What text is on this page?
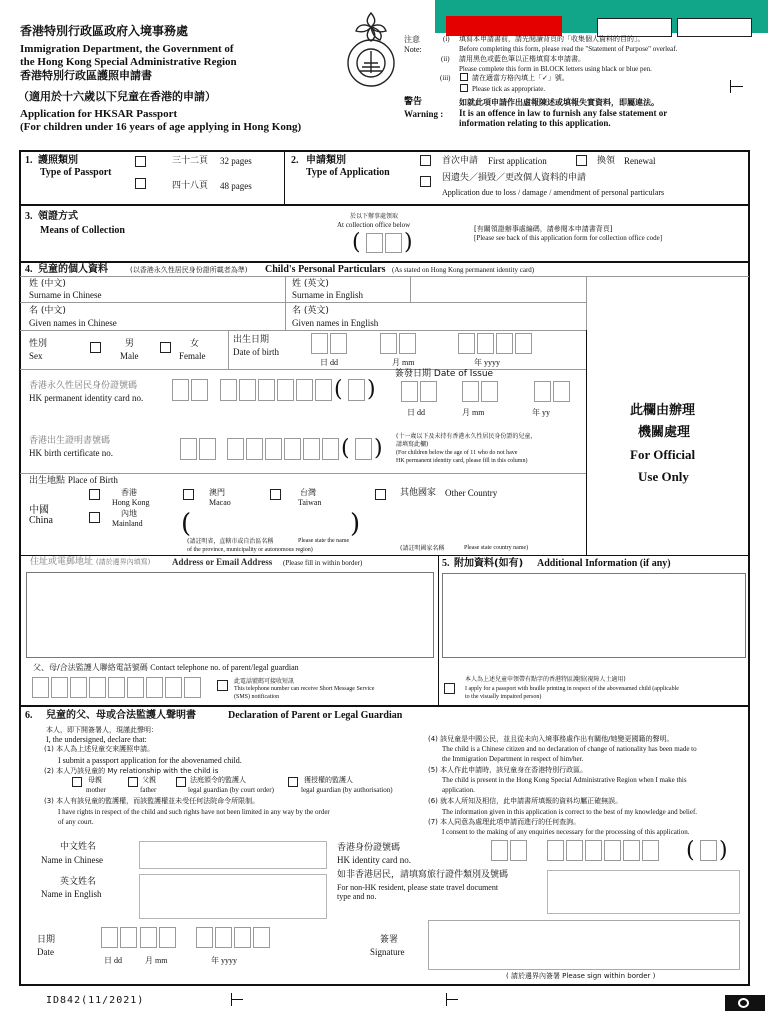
香港特別行政區政府入境事務處
Immigration Department, the Government of
the Hong Kong Special Administrative Region
香港特別行政區護照申請書
（適用於十六歲以下兒童在香港的申請）
Application for HKSAR Passport
(For children under 16 years of age applying in Hong Kong)
注意
Note:
(i) 填寫本申請書前，請先閱讀背頁的「收集個人資料的目的」。
Before completing this form, please read the "Statement of Purpose" overleaf.
(ii) 請用黑色或藍色筆以正楷填寫本申請書。
Please complete this form in BLOCK letters using black or blue pen.
(iii)	請在適當方格內填上「✓」號。
Please tick as appropriate.
警告
Warning :
如就此項申請作出虛報陳述或填報失實資料，即屬違法。
It is an offence in law to furnish any false statement or
information relating to this application.
1. 護照類別
Type of Passport
三十二頁 32 pages
四十八頁 48 pages
2. 申請類別
Type of Application
首次申請 First application	換領 Renewal
因遺失／損毀／更改個人資料的申請
Application due to loss / damage / amendment of personal particulars
3. 領證方式
Means of Collection
於以下辦事處領取
At collection office below
( )
[有關領證辦事處編碼，請參閱本申請書背頁]
[Please see back of this application form for collection office code]
4. 兒童的個人資料	(以香港永久性居民身份證所載者為準) Child's Personal Particulars (As stated on Hong Kong permanent identity card)
姓 (中文)
Surname in Chinese
姓 (英文)
Surname in English
名 (中文)
Given names in Chinese
名 (英文)
Given names in English
此欄由辦理
機關處理
For Official
Use Only
性別
Sex
男
Male
女
Female
出生日期
Date of birth
日 dd	月 mm	年 yyyy
香港永久性居民身份證號碼
HK permanent identity card no.	( )
簽發日期 Date of Issue
日 dd	月 mm	年 yy
香港出生證明書號碼
HK birth certificate no.	( ) (十一歲以下及未持有香港永久性居民身份證的兒童，
請填寫此欄)
(For children below the age of 11 who do not have
HK permanent identity card, please fill in this column)
出生地點 Place of Birth
中國
China
香港
Hong Kong
澳門
Macao
台灣
Taiwan
內地
Mainland (	)
(請註明省，直轄市或自治區名稱	Please state the name
of the province, municipality or autonomous region)
其他國家 Other Country
(請註明國家名稱	Please state country name)
住址或電郵地址 (請於邊界內填寫) Address or Email Address (Please fill in within border)
父、母/合法監護人聯絡電話號碼 Contact telephone no. of parent/legal guardian
此電話號碼可接收短訊
This telephone number can receive Short Message Service
(SMS) notification
5. 附加資料(如有) Additional Information (if any)
本人為上述兒童申領帶有點字的香港特區護照(視障人士適用)
I apply for a passport with braille printing in respect of the abovenamed child (applicable
to the visually impaired person)
6. 兒童的父、母或合法監護人聲明書	Declaration of Parent or Legal Guardian
本人，即下開簽署人，現謹此聲明：
I, the undersigned, declare that:
(1) 本人為上述兒童交來護照申請。
I submit a passport application for the abovenamed child.
(2) 本人乃該兒童的 My relationship with the child is
母親
mother
父親
father
法庭頒令的監護人
legal guardian (by court order)
獲授權的監護人
legal guardian (by authorisation)
(3) 本人有該兒童的監護權，而該監護權並未受任何法院命令所限制。
I have rights in respect of the child and such rights have not been limited in any way by the order
of any court.
(4) 該兒童是中國公民，並且從未向入境事務處作出有關他/她變更國籍的聲明。
The child is a Chinese citizen and no declaration of change of nationality has been made to
the Immigration Department in respect of him/her.
(5) 本人作此申請時，該兒童身在香港特別行政區。
The child is present in the Hong Kong Special Administrative Region when I make this
application.
(6) 就本人所知及相信，此申請書所填報的資料均屬正確無誤。
The information given in this application is correct to the best of my knowledge and belief.
(7) 本人同意為處理此項申請而進行的任何查詢。
I consent to the making of any enquiries necessary for the processing of this application.
中文姓名
Name in Chinese
英文姓名
Name in English
香港身份證號碼
HK identity card no.	( )
如非香港居民，請填寫旅行證件類別及號碼
For non-HK resident, please state travel document
type and no.
日期
Date
日 dd	月 mm	年 yyyy
簽署
Signature
( 請於邊界內簽署 Please sign within border )
ID842(11/2021)
